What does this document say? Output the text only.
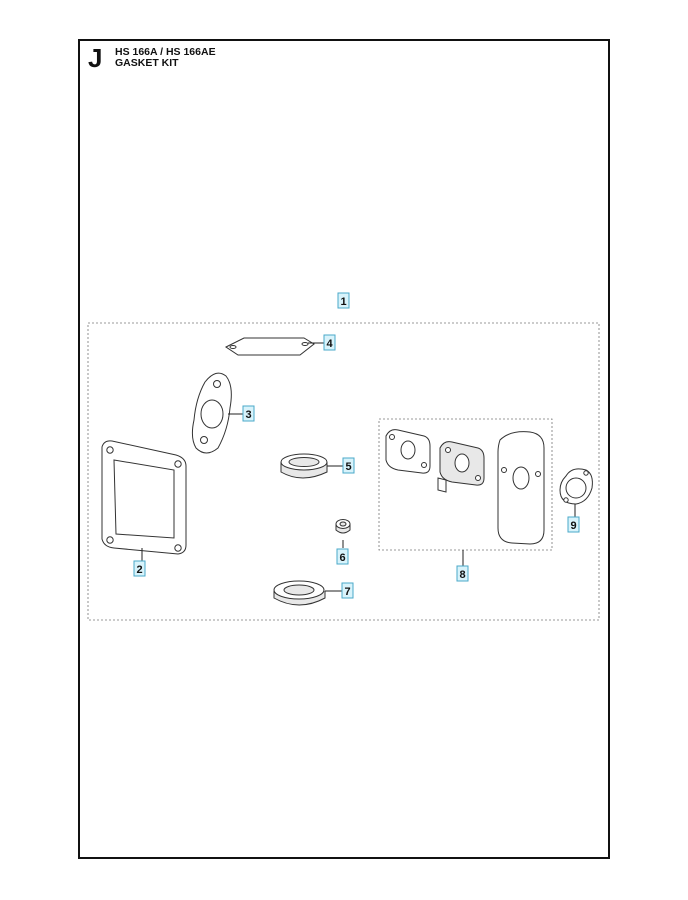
J HS 166A / HS 166AE
GASKET KIT
1
4
3
5
2
6
7
8
9
